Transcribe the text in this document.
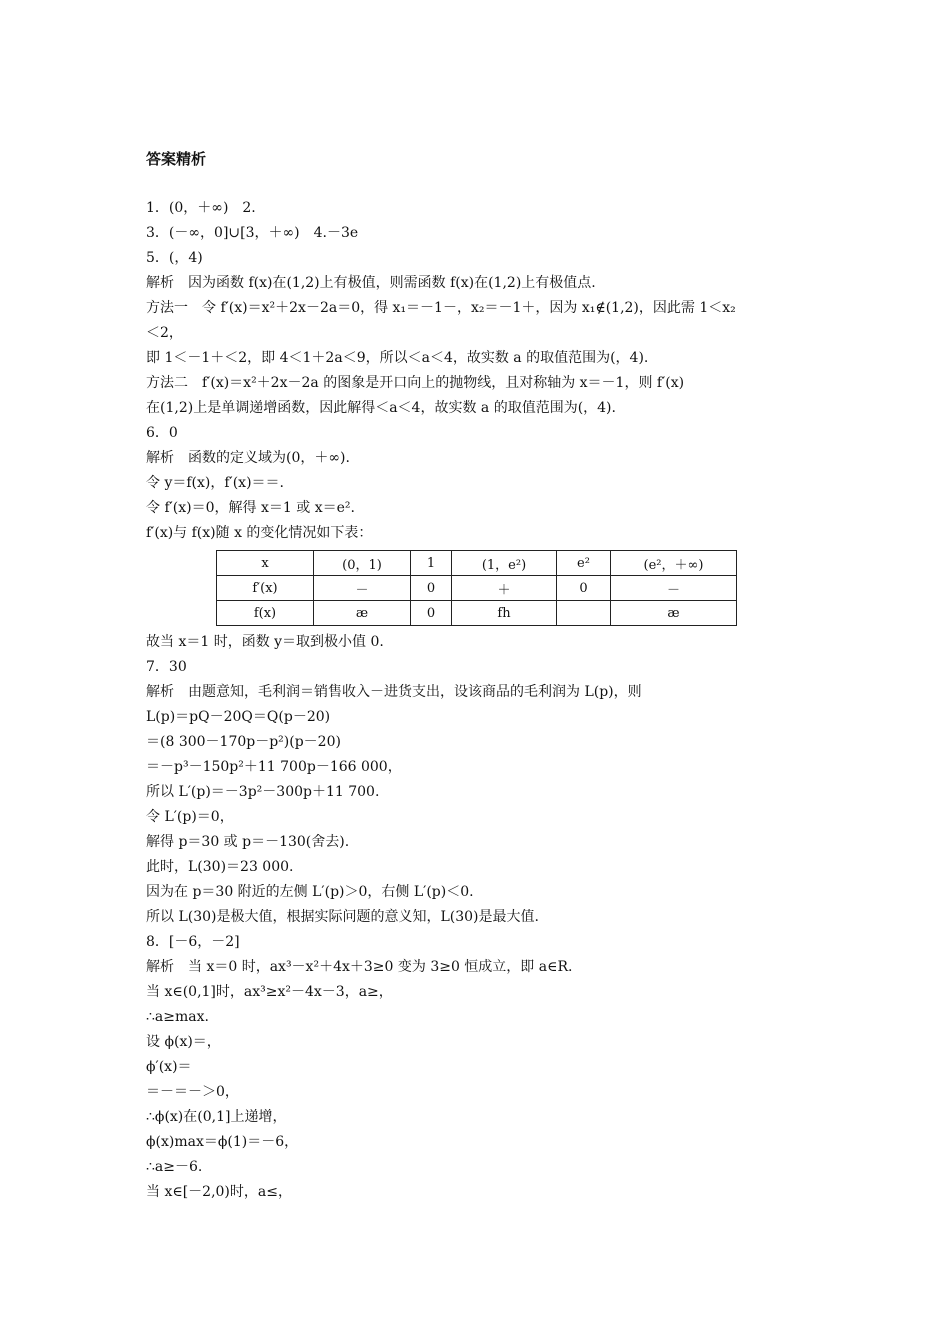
答案精析
1．(0，＋∞)　2.
3．(－∞，0]∪[3，＋∞)　4.－3e
5．(，4)
解析　因为函数 f(x)在(1,2)上有极值，则需函数 f(x)在(1,2)上有极值点.
方法一　令 f′(x)＝x²＋2x－2a＝0，得 x₁＝－1－，x₂＝－1＋，因为 x₁∉(1,2)，因此需 1＜x₂
＜2，
即 1＜－1＋＜2，即 4＜1＋2a＜9，所以＜a＜4，故实数 a 的取值范围为(，4).
方法二　f′(x)＝x²＋2x－2a 的图象是开口向上的抛物线，且对称轴为 x＝－1，则 f′(x)
在(1,2)上是单调递增函数，因此解得＜a＜4，故实数 a 的取值范围为(，4).
6．0
解析　函数的定义域为(0，＋∞).
令 y＝f(x)，f′(x)＝＝.
令 f′(x)＝0，解得 x＝1 或 x＝e².
f′(x)与 f(x)随 x 的变化情况如下表：
x	(0，1)	1	(1，e²)	e²	(e²，＋∞)
f′(x)	－	0	＋	0	－
f(x)	æ	0	fh		æ
故当 x＝1 时，函数 y＝取到极小值 0.
7．30
解析　由题意知，毛利润＝销售收入－进货支出，设该商品的毛利润为 L(p)，则
L(p)＝pQ－20Q＝Q(p－20)
＝(8 300－170p－p²)(p－20)
＝－p³－150p²＋11 700p－166 000，
所以 L′(p)＝－3p²－300p＋11 700.
令 L′(p)＝0，
解得 p＝30 或 p＝－130(舍去).
此时，L(30)＝23 000.
因为在 p＝30 附近的左侧 L′(p)＞0，右侧 L′(p)＜0.
所以 L(30)是极大值，根据实际问题的意义知，L(30)是最大值.
8．[－6，－2]
解析　当 x＝0 时，ax³－x²＋4x＋3≥0 变为 3≥0 恒成立，即 a∈R.
当 x∈(0,1]时，ax³≥x²－4x－3，a≥，
∴a≥max.
设 ϕ(x)＝，
ϕ′(x)＝
＝－＝－＞0，
∴ϕ(x)在(0,1]上递增，
ϕ(x)max＝ϕ(1)＝－6，
∴a≥－6.
当 x∈[－2,0)时，a≤，
